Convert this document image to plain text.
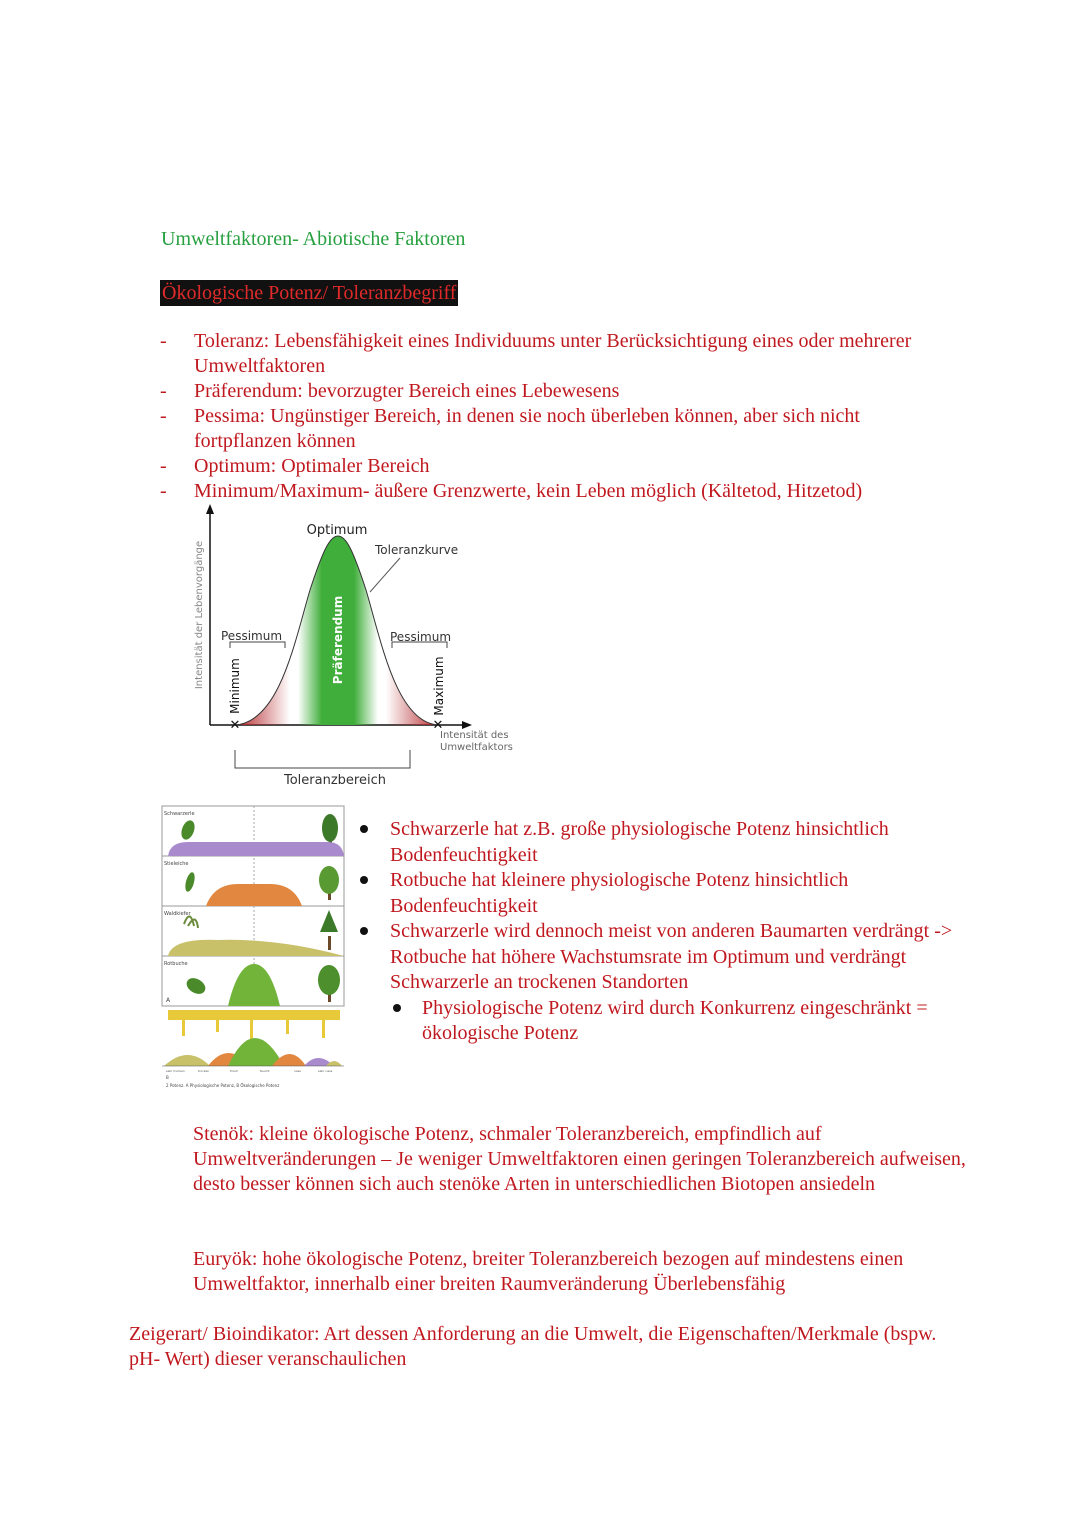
Umweltfaktoren- Abiotische Faktoren
Ökologische Potenz/ Toleranzbegriff
- Toleranz: Lebensfähigkeit eines Individuums unter Berücksichtigung eines oder mehrerer Umweltfaktoren
- Präferendum: bevorzugter Bereich eines Lebewesens
- Pessima: Ungünstiger Bereich, in denen sie noch überleben können, aber sich nicht fortpflanzen können
- Optimum: Optimaler Bereich
- Minimum/Maximum- äußere Grenzwerte, kein Leben möglich (Kältetod, Hitzetod)
✕	✕
Intensität der Lebenvorgänge
Optimum
Toleranzkurve
Pessimum	Pessimum
Präferendum
Minimum	Maximum
Intensität des
Umweltfaktors
Toleranzbereich
Schwarzerle
Stieleiche
Waldkiefer
Rotbuche
A
sehr trocken	trocken	frisch	feucht	nass	sehr nass
B
2 Potenz. A Physiologische Potenz, B Ökologische Potenz
Schwarzerle hat z.B. große physiologische Potenz hinsichtlich Bodenfeuchtigkeit
Rotbuche hat kleinere physiologische Potenz hinsichtlich Bodenfeuchtigkeit
Schwarzerle wird dennoch meist von anderen Baumarten verdrängt -> Rotbuche hat höhere Wachstumsrate im Optimum und verdrängt Schwarzerle an trockenen Standorten
Physiologische Potenz wird durch Konkurrenz eingeschränkt = ökologische Potenz
Stenök: kleine ökologische Potenz, schmaler Toleranzbereich, empfindlich auf Umweltveränderungen – Je weniger Umweltfaktoren einen geringen Toleranzbereich aufweisen, desto besser können sich auch stenöke Arten in unterschiedlichen Biotopen ansiedeln
Euryök: hohe ökologische Potenz, breiter Toleranzbereich bezogen auf mindestens einen Umweltfaktor, innerhalb einer breiten Raumveränderung Überlebensfähig
Zeigerart/ Bioindikator: Art dessen Anforderung an die Umwelt, die Eigenschaften/Merkmale (bspw. pH- Wert) dieser veranschaulichen
